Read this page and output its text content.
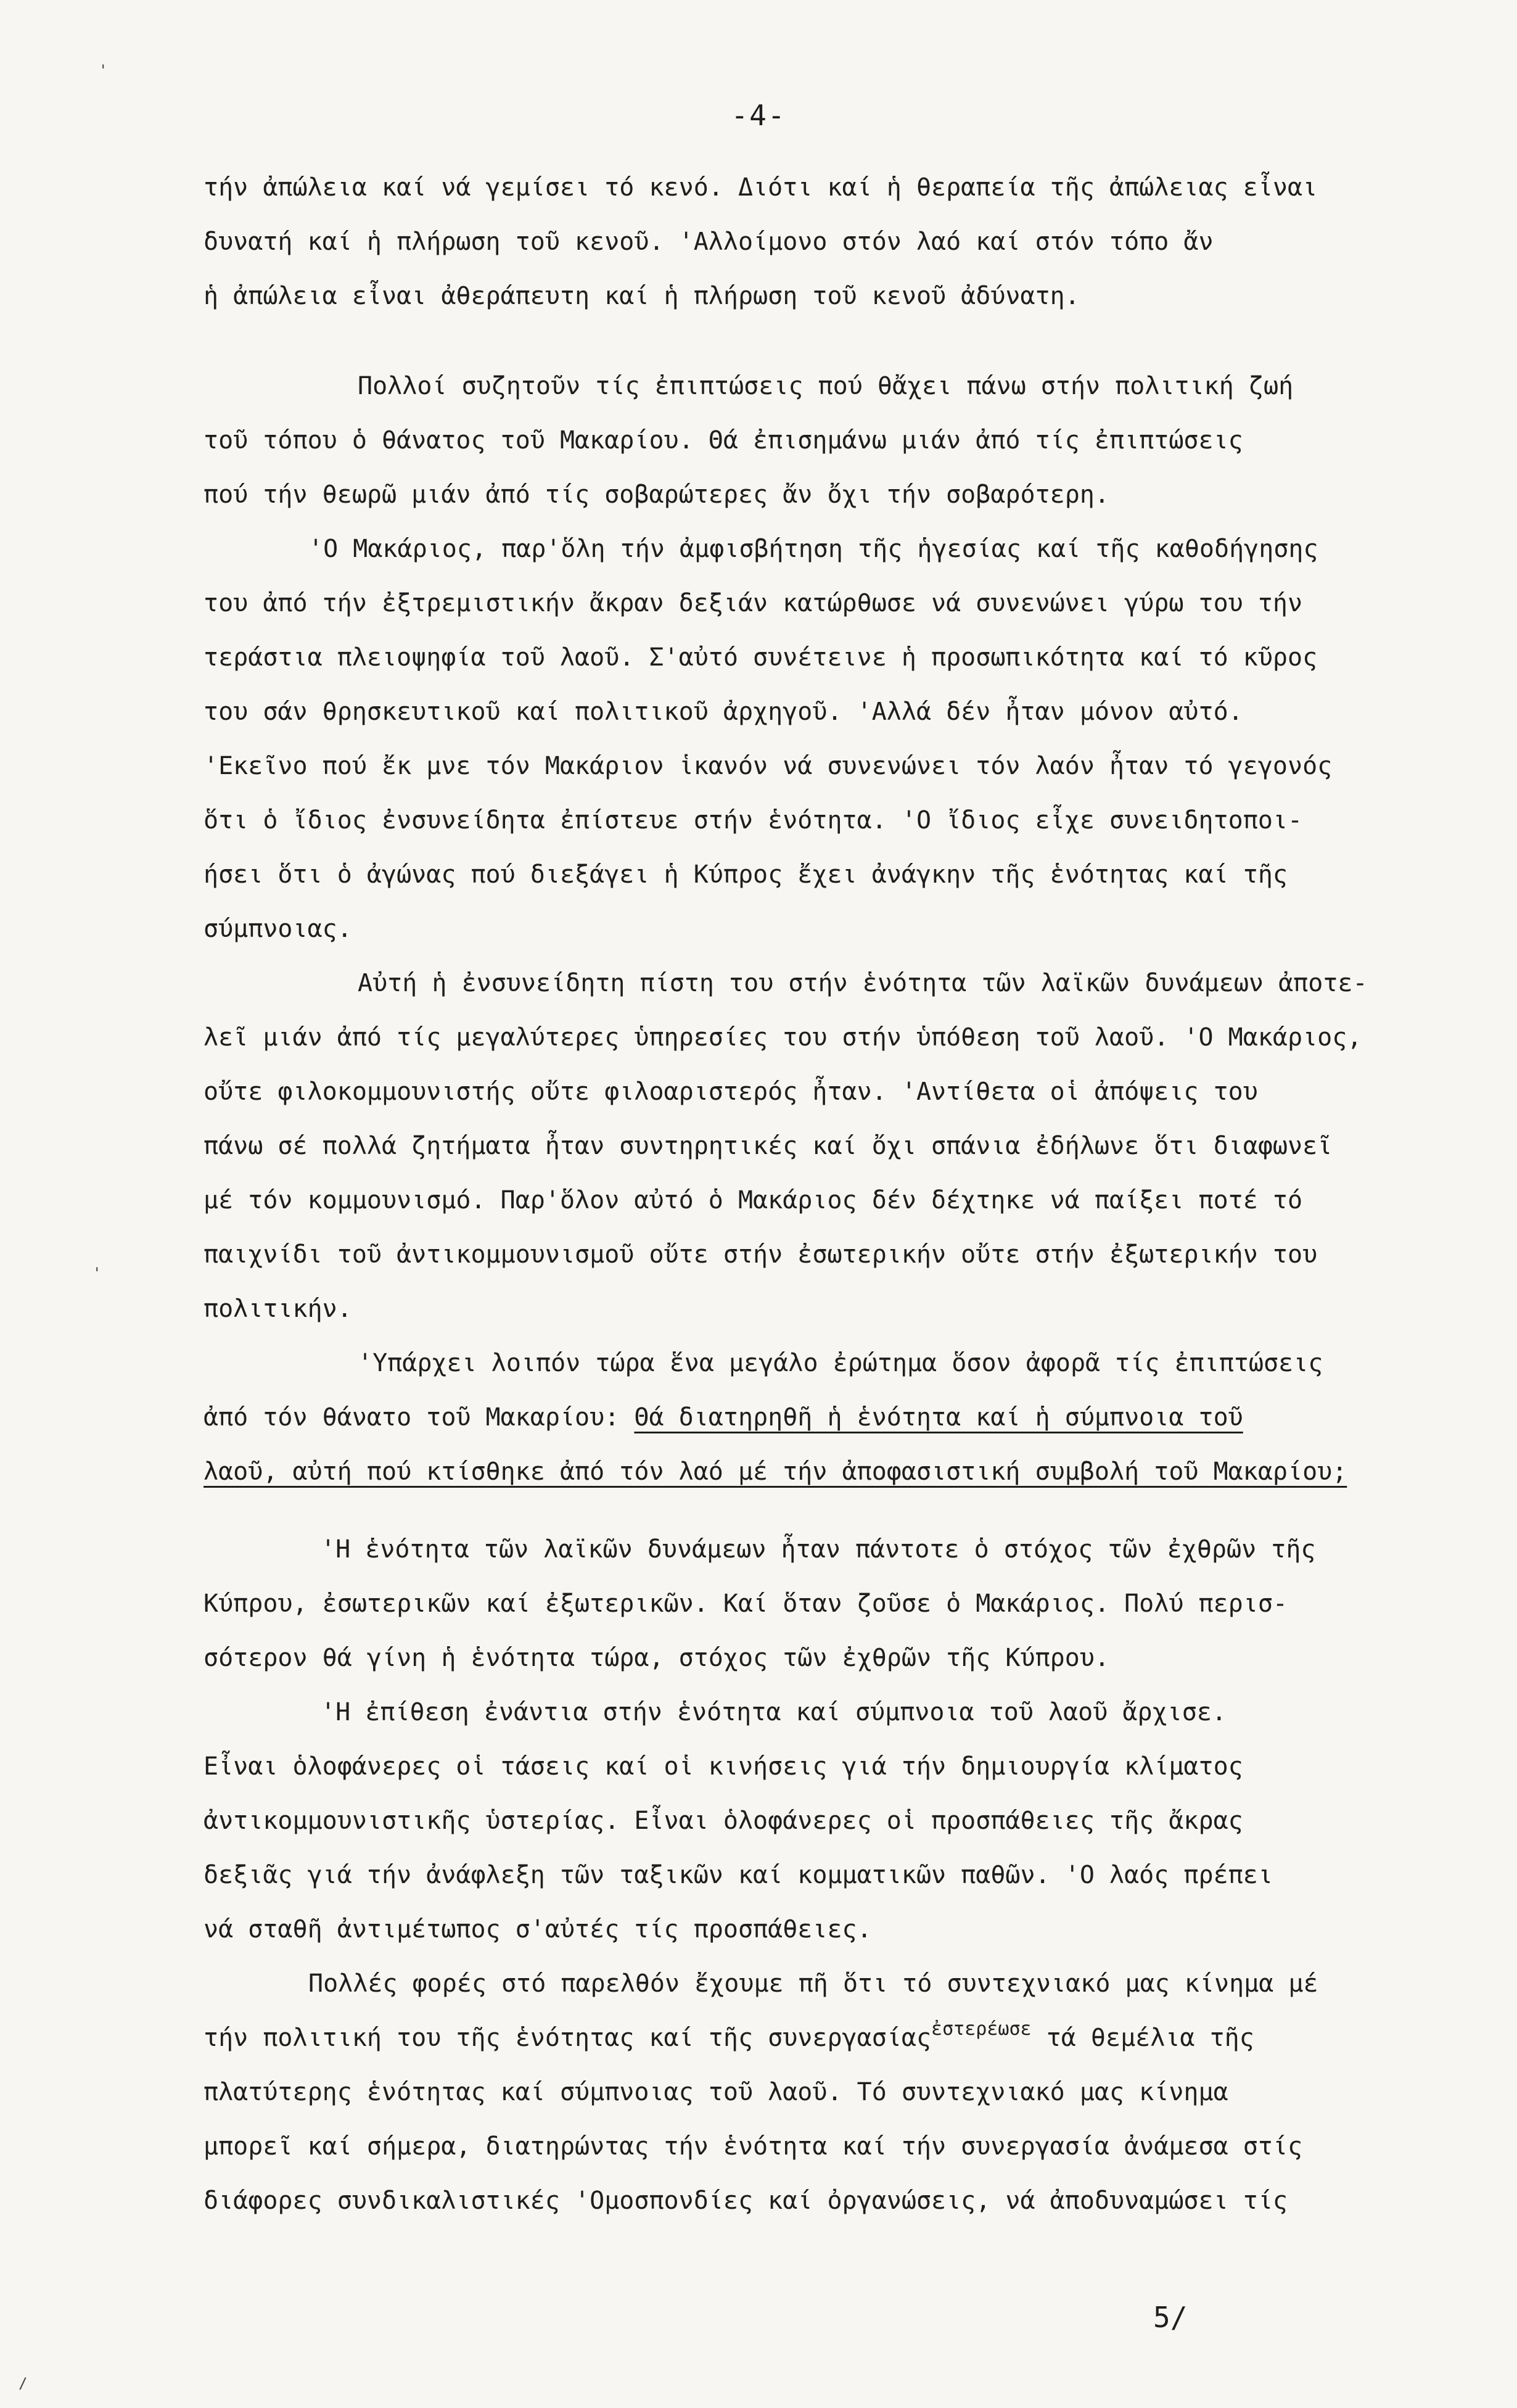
-4-
τήν ἀπώλεια καί νά γεμίσει τό κενό. Διότι καί ἡ θεραπεία τῆς ἀπώλειας εἶναι
δυνατή καί ἡ πλήρωση τοῦ κενοῦ. 'Αλλοίμονο στόν λαό καί στόν τόπο ἄν
ἡ ἀπώλεια εἶναι ἀθεράπευτη καί ἡ πλήρωση τοῦ κενοῦ ἀδύνατη.
Πολλοί συζητοῦν τίς ἐπιπτώσεις πού θἄχει πάνω στήν πολιτική ζωή
τοῦ τόπου ὁ θάνατος τοῦ Μακαρίου. Θά ἐπισημάνω μιάν ἀπό τίς ἐπιπτώσεις
πού τήν θεωρῶ μιάν ἀπό τίς σοβαρώτερες ἄν ὄχι τήν σοβαρότερη.
'Ο Μακάριος, παρ'ὅλη τήν ἀμφισβήτηση τῆς ἡγεσίας καί τῆς καθοδήγησης
του ἀπό τήν ἐξτρεμιστικήν ἄκραν δεξιάν κατώρθωσε νά συνενώνει γύρω του τήν
τεράστια πλειοψηφία τοῦ λαοῦ. Σ'αὐτό συνέτεινε ἡ προσωπικότητα καί τό κῦρος
του σάν θρησκευτικοῦ καί πολιτικοῦ ἀρχηγοῦ. 'Αλλά δέν ἦταν μόνον αὐτό.
'Εκεῖνο πού ἔκ μνε τόν Μακάριον ἱκανόν νά συνενώνει τόν λαόν ἦταν τό γεγονός
ὅτι ὁ ἴδιος ἐνσυνείδητα ἐπίστευε στήν ἑνότητα. 'Ο ἴδιος εἶχε συνειδητοποι-
ήσει ὅτι ὁ ἀγώνας πού διεξάγει ἡ Κύπρος ἔχει ἀνάγκην τῆς ἑνότητας καί τῆς
σύμπνοιας.
Αὐτή ἡ ἐνσυνείδητη πίστη του στήν ἑνότητα τῶν λαϊκῶν δυνάμεων ἀποτε-
λεῖ μιάν ἀπό τίς μεγαλύτερες ὑπηρεσίες του στήν ὑπόθεση τοῦ λαοῦ. 'Ο Μακάριος,
οὔτε φιλοκομμουνιστής οὔτε φιλοαριστερός ἦταν. 'Αντίθετα οἱ ἀπόψεις του
πάνω σέ πολλά ζητήματα ἦταν συντηρητικές καί ὄχι σπάνια ἐδήλωνε ὅτι διαφωνεῖ
μέ τόν κομμουνισμό. Παρ'ὅλον αὐτό ὁ Μακάριος δέν δέχτηκε νά παίξει ποτέ τό
παιχνίδι τοῦ ἀντικομμουνισμοῦ οὔτε στήν ἐσωτερικήν οὔτε στήν ἐξωτερικήν του
πολιτικήν.
'Υπάρχει λοιπόν τώρα ἕνα μεγάλο ἐρώτημα ὅσον ἀφορᾶ τίς ἐπιπτώσεις
ἀπό τόν θάνατο τοῦ Μακαρίου: Θά διατηρηθῆ ἡ ἑνότητα καί ἡ σύμπνοια τοῦ
λαοῦ, αὐτή πού κτίσθηκε ἀπό τόν λαό μέ τήν ἀποφασιστική συμβολή τοῦ Μακαρίου;
'Η ἑνότητα τῶν λαϊκῶν δυνάμεων ἦταν πάντοτε ὁ στόχος τῶν ἐχθρῶν τῆς
Κύπρου, ἐσωτερικῶν καί ἐξωτερικῶν. Καί ὅταν ζοῦσε ὁ Μακάριος. Πολύ περισ-
σότερον θά γίνη ἡ ἑνότητα τώρα, στόχος τῶν ἐχθρῶν τῆς Κύπρου.
'Η ἐπίθεση ἐνάντια στήν ἑνότητα καί σύμπνοια τοῦ λαοῦ ἄρχισε.
Εἶναι ὁλοφάνερες οἱ τάσεις καί οἱ κινήσεις γιά τήν δημιουργία κλίματος
ἀντικομμουνιστικῆς ὑστερίας. Εἶναι ὁλοφάνερες οἱ προσπάθειες τῆς ἄκρας
δεξιᾶς γιά τήν ἀνάφλεξη τῶν ταξικῶν καί κομματικῶν παθῶν. 'Ο λαός πρέπει
νά σταθῆ ἀντιμέτωπος σ'αὐτές τίς προσπάθειες.
Πολλές φορές στό παρελθόν ἔχουμε πῆ ὅτι τό συντεχνιακό μας κίνημα μέ
τήν πολιτική του τῆς ἑνότητας καί τῆς συνεργασίας$^{ἐ\sigma\tau\varepsilon\rho έ\omega\sigma\varepsilon}$ τά θεμέλια τῆς
πλατύτερης ἑνότητας καί σύμπνοιας τοῦ λαοῦ. Τό συντεχνιακό μας κίνημα
μπορεῖ καί σήμερα, διατηρώντας τήν ἑνότητα καί τήν συνεργασία ἀνάμεσα στίς
διάφορες συνδικαλιστικές 'Ομοσπονδίες καί ὀργανώσεις, νά ἀποδυναμώσει τίς
5/
'
'
/
